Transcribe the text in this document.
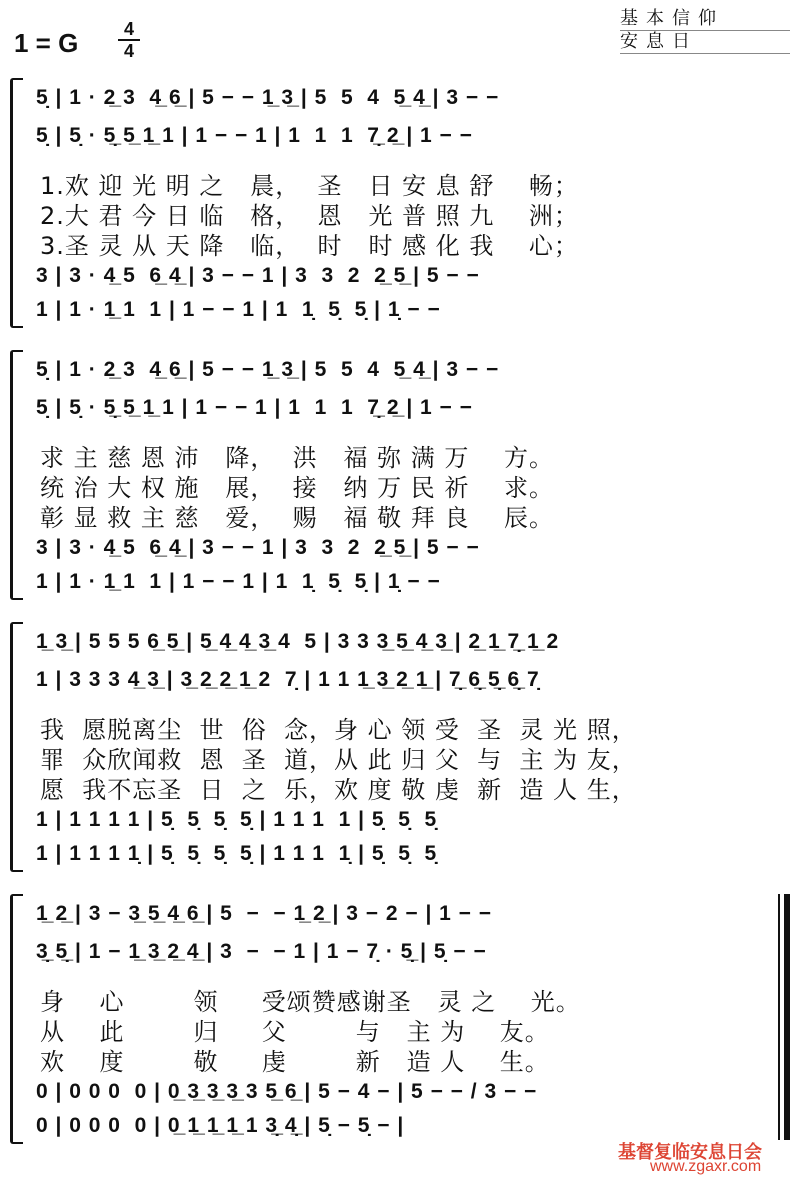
1 = G	4
4
基本信仰
安息日
5̣ | 1 · 2̲ 3  4̲ 6̲ | 5 − − 1̲ 3̲ | 5  5  4  5̲ 4̲ | 3 − −
5̣ | 5̣ · 5̣̲ 5̲ 1̲ 1 | 1 − − 1 | 1  1  1  7̣̲ 2̲ | 1 − −
1.欢 迎 光 明 之   晨，  圣   日 安 息 舒    畅；
2.大 君 今 日 临   格，  恩   光 普 照 九    洲；
3.圣 灵 从 天 降   临，  时   时 感 化 我    心；
3 | 3 · 4̲ 5  6̲ 4̲ | 3 − − 1 | 3  3  2  2̲ 5̲ | 5 − −
1 | 1 · 1̲ 1  1 | 1 − − 1 | 1  1̣  5̣  5̣ | 1̣ − −
5̣ | 1 · 2̲ 3  4̲ 6̲ | 5 − − 1̲ 3̲ | 5  5  4  5̲ 4̲ | 3 − −
5̣ | 5̣ · 5̣̲ 5̲ 1̲ 1 | 1 − − 1 | 1  1  1  7̣̲ 2̲ | 1 − −
求 主 慈 恩 沛   降，  洪   福 弥 满 万    方。
统 治 大 权 施   展，  接   纳 万 民 祈    求。
彰 显 救 主 慈   爱，  赐   福 敬 拜 良    辰。
3 | 3 · 4̲ 5  6̲ 4̲ | 3 − − 1 | 3  3  2  2̲ 5̲ | 5 − −
1 | 1 · 1̲ 1  1 | 1 − − 1 | 1  1̣  5̣  5̣ | 1̣ − −
1̲ 3̲ | 5 5 5 6̲ 5̲ | 5̲ 4̲ 4̲ 3̲ 4  5 | 3 3 3̲ 5̲ 4̲ 3̲ | 2̲ 1̲ 7̣̲ 1̲ 2
1 | 3 3 3 4̲ 3̲ | 3̲ 2̲ 2̲ 1̲ 2  7̣ | 1 1 1̲ 3̲ 2̲ 1̲ | 7̣̲ 6̣̲ 5̣̲ 6̣̲ 7̣
我  愿脱离尘  世  俗  念，身 心 领 受  圣  灵 光 照，
罪  众欣闻救  恩  圣  道，从 此 归 父  与  主 为 友，
愿  我不忘圣  日  之  乐，欢 度 敬 虔  新  造 人 生，
1 | 1 1 1 1 | 5̣  5̣  5̣  5̣ | 1 1 1  1 | 5̣  5̣  5̣
1 | 1 1 1 1̣ | 5̣  5̣  5̣  5̣ | 1 1 1  1̣ | 5̣  5̣  5̣
1̲ 2̲ | 3 − 3̲ 5̲ 4̲ 6̲ | 5  −  − 1̲ 2̲ | 3 − 2 − | 1 − −
3̣̲ 5̣̲ | 1 − 1̲ 3̲ 2̲ 4̲ | 3  −  − 1 | 1 − 7̣ · 5̣̲ | 5̣ − −
身    心        领     受颂赞感谢圣   灵 之    光。
从    此        归     父        与   主 为    友。
欢    度        敬     虔        新   造 人    生。
0 | 0 0 0  0 | 0̲ 3̲ 3̲ 3̲ 3 5̲ 6̲ | 5 − 4 − | 5 − − / 3 − −
0 | 0 0 0  0 | 0̲ 1̲ 1̲ 1̲ 1 3̣̲ 4̣̲ | 5̣ − 5̣ − |
基督复临安息日会
www.zgaxr.com
